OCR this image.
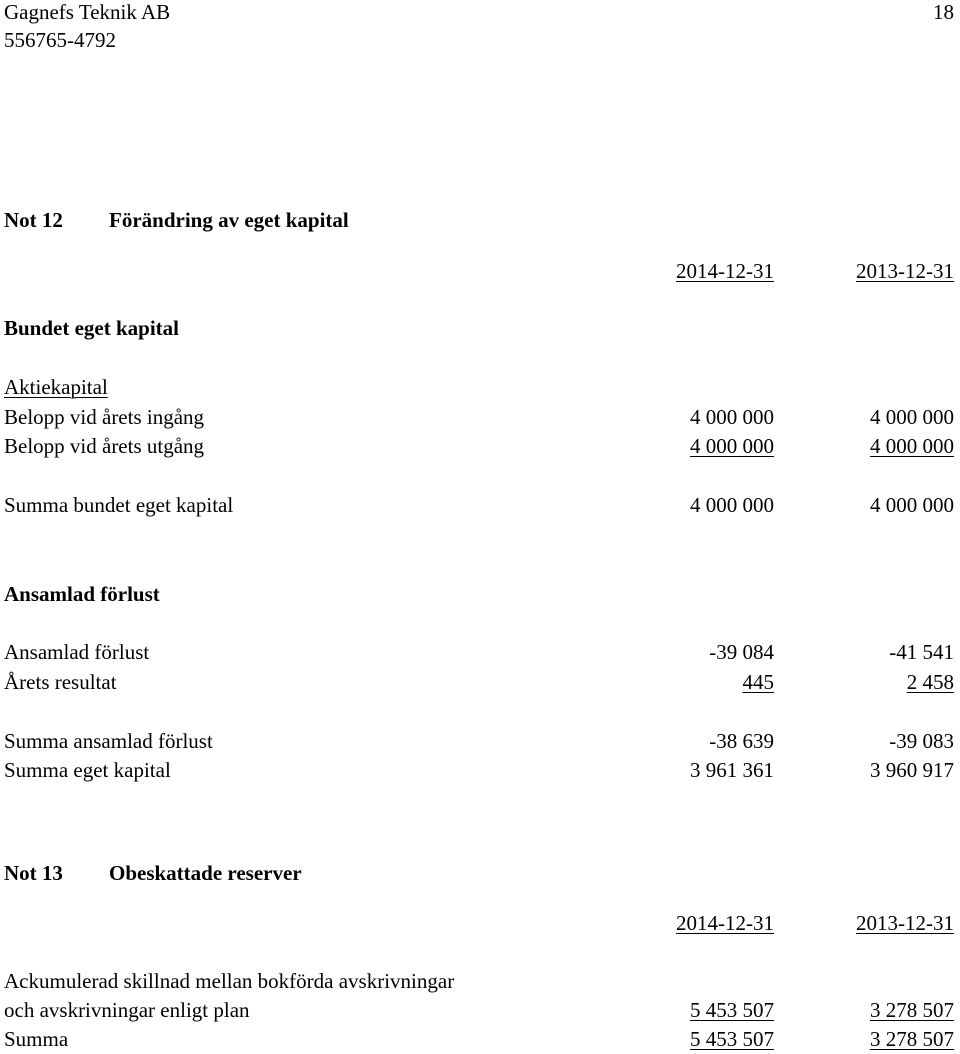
Gagnefs Teknik AB
556765-4792
18
Not 12 Förändring av eget kapital
2014-12-31	2013-12-31
Bundet eget kapital
Aktiekapital
Belopp vid årets ingång	4 000 000	4 000 000
Belopp vid årets utgång	4 000 000	4 000 000
Summa bundet eget kapital	4 000 000	4 000 000
Ansamlad förlust
Ansamlad förlust	-39 084	-41 541
Årets resultat	445	2 458
Summa ansamlad förlust	-38 639	-39 083
Summa eget kapital	3 961 361	3 960 917
Not 13 Obeskattade reserver
2014-12-31	2013-12-31
Ackumulerad skillnad mellan bokförda avskrivningar
och avskrivningar enligt plan	5 453 507	3 278 507
Summa	5 453 507	3 278 507
